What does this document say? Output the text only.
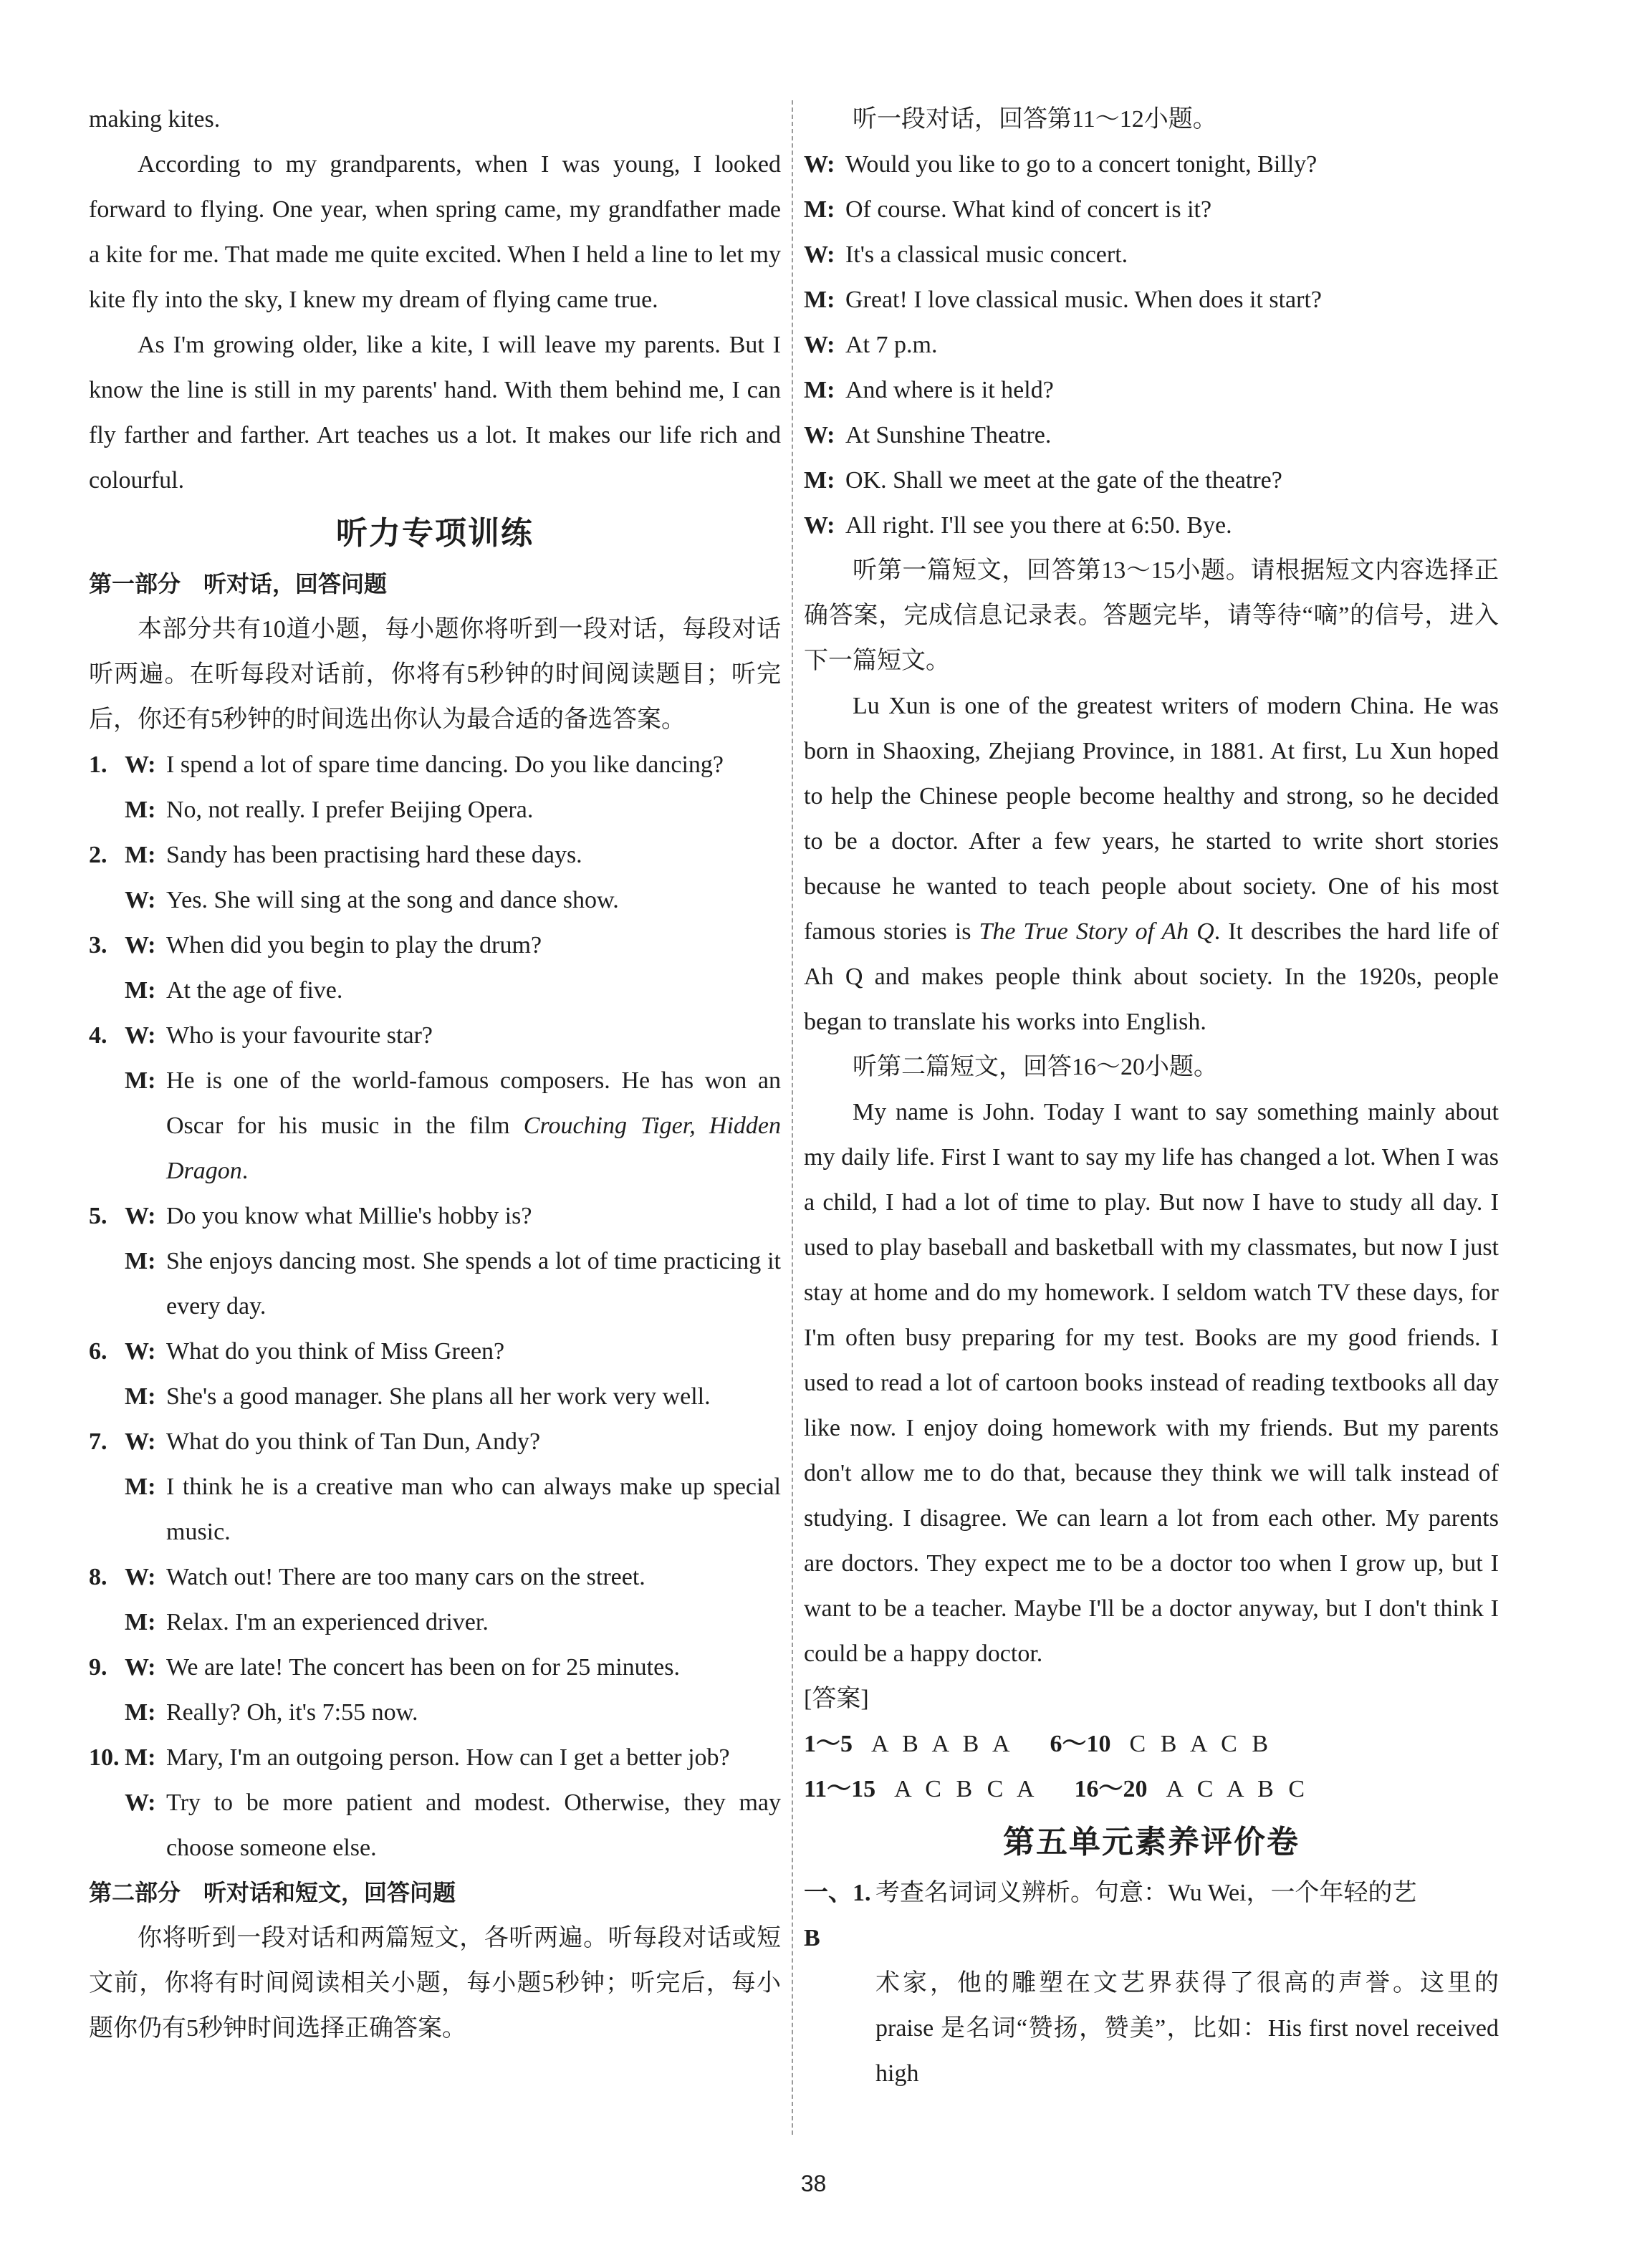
making kites.

According to my grandparents, when I was young, I looked forward to flying. One year, when spring came, my grandfather made a kite for me. That made me quite excited. When I held a line to let my kite fly into the sky, I knew my dream of flying came true.

As I'm growing older, like a kite, I will leave my parents. But I know the line is still in my parents' hand. With them behind me, I can fly farther and farther. Art teaches us a lot. It makes our life rich and colourful.

听力专项训练

第一部分　听对话，回答问题

本部分共有10道小题，每小题你将听到一段对话，每段对话听两遍。在听每段对话前，你将有5秒钟的时间阅读题目；听完后，你还有5秒钟的时间选出你认为最合适的备选答案。

1. W: I spend a lot of spare time dancing. Do you like dancing?
M: No, not really. I prefer Beijing Opera.
2. M: Sandy has been practising hard these days.
W: Yes. She will sing at the song and dance show.
3. W: When did you begin to play the drum?
M: At the age of five.
4. W: Who is your favourite star?
M: He is one of the world-famous composers. He has won an Oscar for his music in the film Crouching Tiger, Hidden Dragon.
5. W: Do you know what Millie's hobby is?
M: She enjoys dancing most. She spends a lot of time practicing it every day.
6. W: What do you think of Miss Green?
M: She's a good manager. She plans all her work very well.
7. W: What do you think of Tan Dun, Andy?
M: I think he is a creative man who can always make up special music.
8. W: Watch out! There are too many cars on the street.
M: Relax. I'm an experienced driver.
9. W: We are late! The concert has been on for 25 minutes.
M: Really? Oh, it's 7:55 now.
10. M: Mary, I'm an outgoing person. How can I get a better job?
W: Try to be more patient and modest. Otherwise, they may choose someone else.

第二部分　听对话和短文，回答问题

你将听到一段对话和两篇短文，各听两遍。听每段对话或短文前，你将有时间阅读相关小题，每小题5秒钟；听完后，每小题你仍有5秒钟时间选择正确答案。

听一段对话，回答第11～12小题。

W: Would you like to go to a concert tonight, Billy?
M: Of course. What kind of concert is it?
W: It's a classical music concert.
M: Great! I love classical music. When does it start?
W: At 7 p.m.
M: And where is it held?
W: At Sunshine Theatre.
M: OK. Shall we meet at the gate of the theatre?
W: All right. I'll see you there at 6:50. Bye.

听第一篇短文，回答第13～15小题。请根据短文内容选择正确答案，完成信息记录表。答题完毕，请等待“嘀”的信号，进入下一篇短文。

Lu Xun is one of the greatest writers of modern China. He was born in Shaoxing, Zhejiang Province, in 1881. At first, Lu Xun hoped to help the Chinese people become healthy and strong, so he decided to be a doctor. After a few years, he started to write short stories because he wanted to teach people about society. One of his most famous stories is The True Story of Ah Q. It describes the hard life of Ah Q and makes people think about society. In the 1920s, people began to translate his works into English.

听第二篇短文，回答16～20小题。

My name is John. Today I want to say something mainly about my daily life. First I want to say my life has changed a lot. When I was a child, I had a lot of time to play. But now I have to study all day. I used to play baseball and basketball with my classmates, but now I just stay at home and do my homework. I seldom watch TV these days, for I'm often busy preparing for my test. Books are my good friends. I used to read a lot of cartoon books instead of reading textbooks all day like now. I enjoy doing homework with my friends. But my parents don't allow me to do that, because they think we will talk instead of studying. I disagree. We can learn a lot from each other. My parents are doctors. They expect me to be a doctor too when I grow up, but I want to be a teacher. Maybe I'll be a doctor anyway, but I don't think I could be a happy doctor.

[答案]

1～5 A B A B A 6～10 C B A C B

11～15 A C B C A 16～20 A C A B C

第五单元素养评价卷
一、1. B
考查名词词义辨析。句意：Wu Wei，一个年轻的艺

术家，他的雕塑在文艺界获得了很高的声誉。这里的 praise 是名词“赞扬，赞美”，比如：His first novel received high

38
